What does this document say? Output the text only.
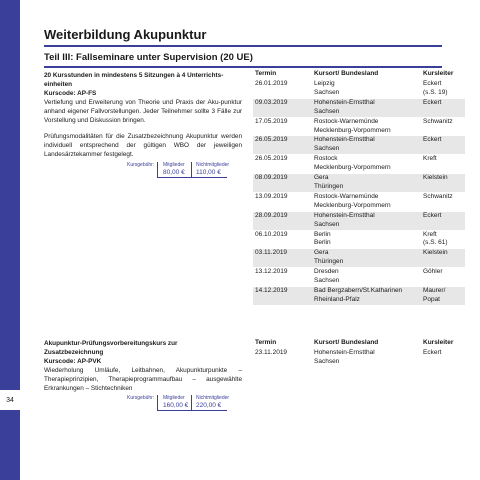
34
Weiterbildung Akupunktur
Teil III: Fallseminare unter Supervision (20 UE)
20 Kursstunden in mindestens 5 Sitzungen à 4 Unterrichts-
einheiten
Kurscode: AP-FS

Vertiefung und Erweiterung von Theorie und Praxis der Aku-punktur anhand eigener Fallvorstellungen. Jeder Teilnehmer sollte 3 Fälle zur Vorstellung und Diskussion bringen.

Prüfungsmodalitäten für die Zusatzbezeichnung Akupunktur werden individuell entsprechend der gültigen WBO der jeweiligen Landesärztekammer festgelegt.

Kursgebühr: Mitglieder Nichtmitglieder
80,00 € 110,00 €
Termin	Kursort/ Bundesland	Kursleiter
26.01.2019	Leipzig
Sachsen	Eckert
(s.S. 19)
09.03.2019	Hohenstein-Ernstthal
Sachsen	Eckert
17.05.2019	Rostock-Warnemünde
Mecklenburg-Vorpommern	Schwanitz
26.05.2019	Hohenstein-Ernstthal
Sachsen	Eckert
26.05.2019	Rostock
Mecklenburg-Vorpommern	Kreft
08.09.2019	Gera
Thüringen	Kielstein
13.09.2019	Rostock-Warnemünde
Mecklenburg-Vorpommern	Schwanitz
28.09.2019	Hohenstein-Ernstthal
Sachsen	Eckert
06.10.2019	Berlin
Berlin	Kreft
(s.S. 61)
03.11.2019	Gera
Thüringen	Kielstein
13.12.2019	Dresden
Sachsen	Göhler
14.12.2019	Bad Bergzabern/St.Katharinen
Rheinland-Pfalz	Maurer/
Popat
Akupunktur-Prüfungsvorbereitungskurs zur
Zusatzbezeichnung
Kurscode: AP-PVK

Wiederholung Umläufe, Leitbahnen, Akupunkturpunkte – Therapieprinzipien, Therapieprogrammaufbau – ausgewählte Erkrankungen – Stichtechniken

Kursgebühr: Mitglieder Nichtmitglieder
160,00 € 220,00 €
Termin	Kursort/ Bundesland	Kursleiter
23.11.2019	Hohenstein-Ernstthal
Sachsen	Eckert
